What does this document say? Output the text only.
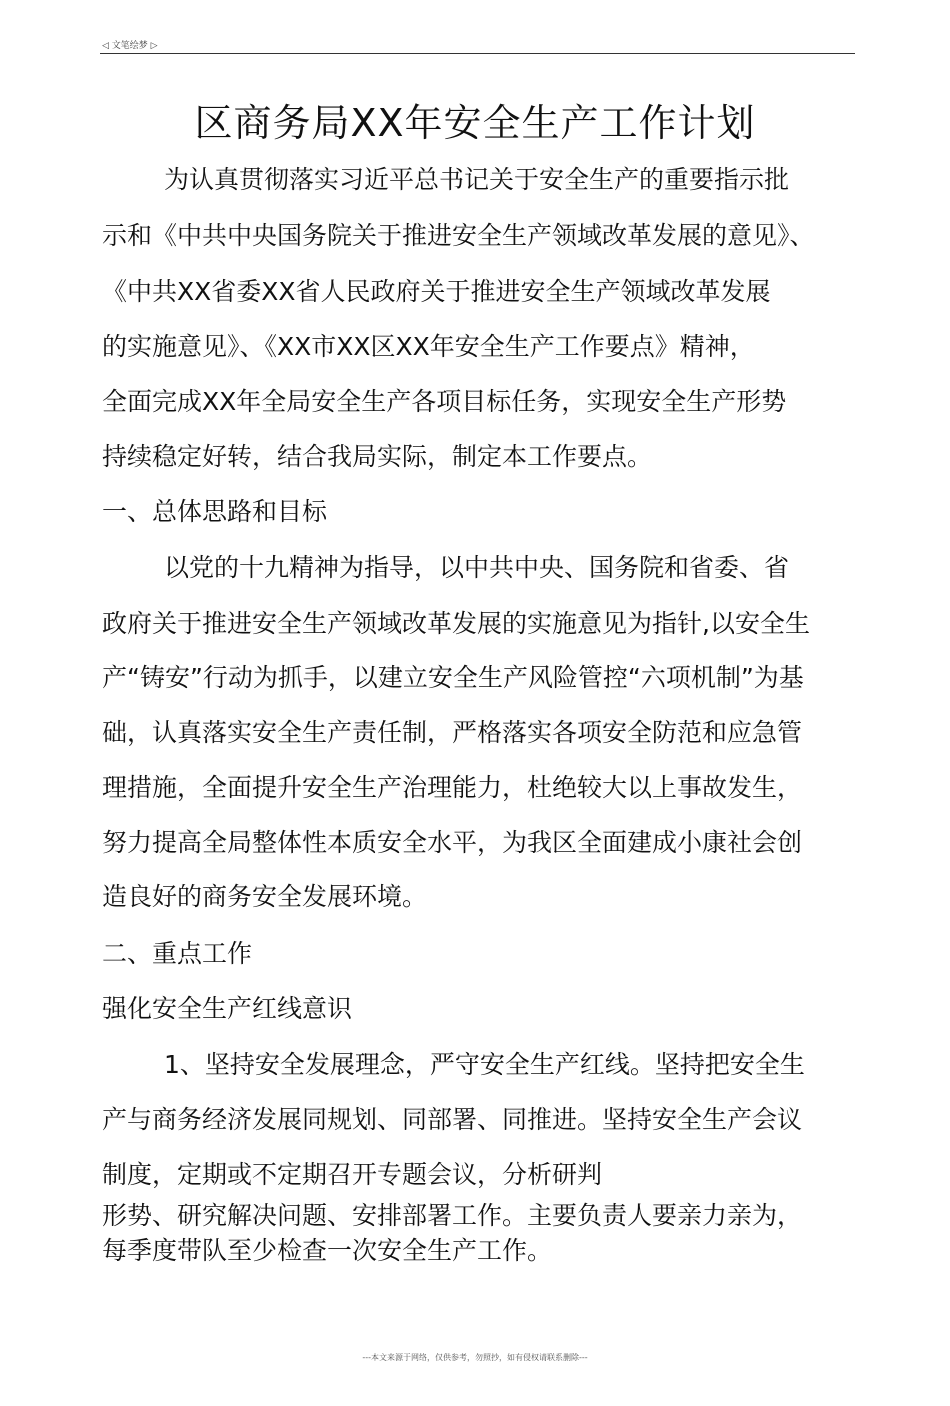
◁ 文笔绘梦 ▷
区商务局XX年安全生产工作计划
为认真贯彻落实习近平总书记关于安全生产的重要指示批
示和《中共中央国务院关于推进安全生产领域改革发展的意见》、
《中共XX省委XX省人民政府关于推进安全生产领域改革发展
的实施意见》、《XX市XX区XX年安全生产工作要点》精神，
全面完成XX年全局安全生产各项目标任务，实现安全生产形势
持续稳定好转，结合我局实际，制定本工作要点。
一、总体思路和目标
以党的十九精神为指导，以中共中央、国务院和省委、省
政府关于推进安全生产领域改革发展的实施意见为指针,以安全生
产“铸安”行动为抓手，以建立安全生产风险管控“六项机制”为基
础，认真落实安全生产责任制，严格落实各项安全防范和应急管
理措施，全面提升安全生产治理能力，杜绝较大以上事故发生，
努力提高全局整体性本质安全水平，为我区全面建成小康社会创
造良好的商务安全发展环境。
二、重点工作
强化安全生产红线意识
1、坚持安全发展理念，严守安全生产红线。坚持把安全生
产与商务经济发展同规划、同部署、同推进。坚持安全生产会议
制度，定期或不定期召开专题会议，分析研判
形势、研究解决问题、安排部署工作。主要负责人要亲力亲为，
每季度带队至少检查一次安全生产工作。
---本文来源于网络，仅供参考，勿照抄，如有侵权请联系删除---
